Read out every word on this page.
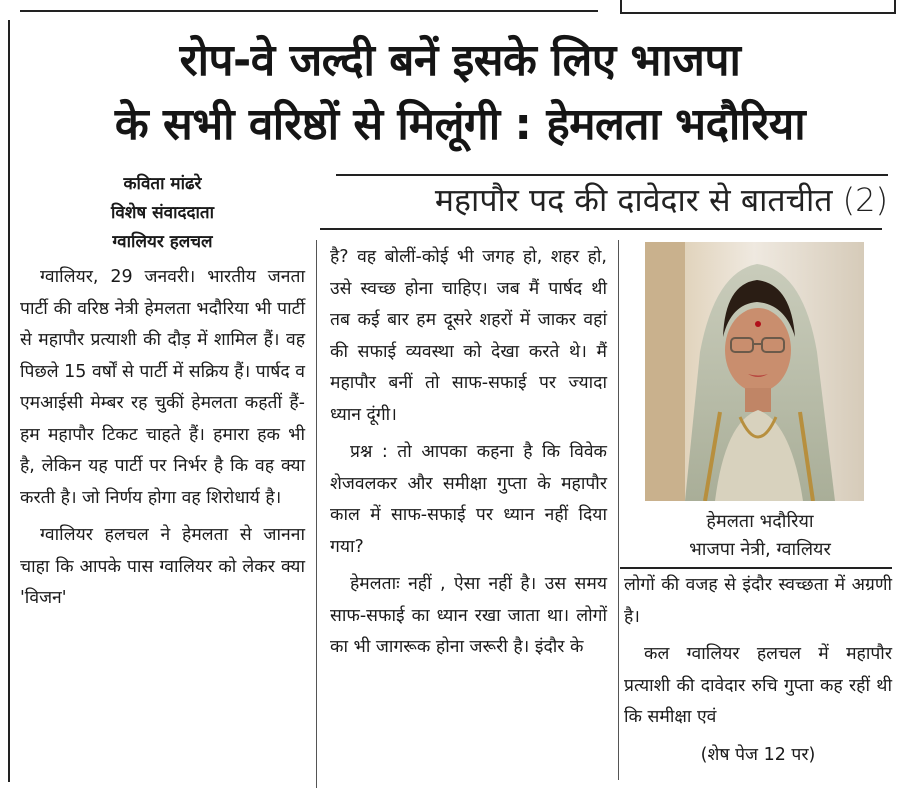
रोप-वे जल्दी बनें इसके लिए भाजपा
के सभी वरिष्ठों से मिलूंगी : हेमलता भदौरिया
महापौर पद की दावेदार से बातचीत (2)
कविता मांढरे
विशेष संवाददाता
ग्वालियर हलचल

ग्वालियर, 29 जनवरी। भारतीय जनता पार्टी की वरिष्ठ नेत्री हेमलता भदौरिया भी पार्टी से महापौर प्रत्याशी की दौड़ में शामिल हैं। वह पिछले 15 वर्षों से पार्टी में सक्रिय हैं। पार्षद व एमआईसी मेम्बर रह चुकीं हेमलता कहतीं हैं-हम महापौर टिकट चाहते हैं। हमारा हक भी है, लेकिन यह पार्टी पर निर्भर है कि वह क्या करती है। जो निर्णय होगा वह शिरोधार्य है।

ग्वालियर हलचल ने हेमलता से जानना चाहा कि आपके पास ग्वालियर को लेकर क्या 'विजन'

है? वह बोलीं-कोई भी जगह हो, शहर हो, उसे स्वच्छ होना चाहिए। जब मैं पार्षद थी तब कई बार हम दूसरे शहरों में जाकर वहां की सफाई व्यवस्था को देखा करते थे। मैं महापौर बनीं तो साफ-सफाई पर ज्यादा ध्यान दूंगी।

प्रश्न : तो आपका कहना है कि विवेक शेजवलकर और समीक्षा गुप्ता के महापौर काल में साफ-सफाई पर ध्यान नहीं दिया गया?

हेमलताः नहीं , ऐसा नहीं है। उस समय साफ-सफाई का ध्यान रखा जाता था। लोगों का भी जागरूक होना जरूरी है। इंदौर के

हेमलता भदौरिया
भाजपा नेत्री, ग्वालियर

लोगों की वजह से इंदौर स्वच्छता में अग्रणी है।

कल ग्वालियर हलचल में महापौर प्रत्याशी की दावेदार रुचि गुप्ता कह रहीं थी कि समीक्षा एवं

(शेष पेज 12 पर)
